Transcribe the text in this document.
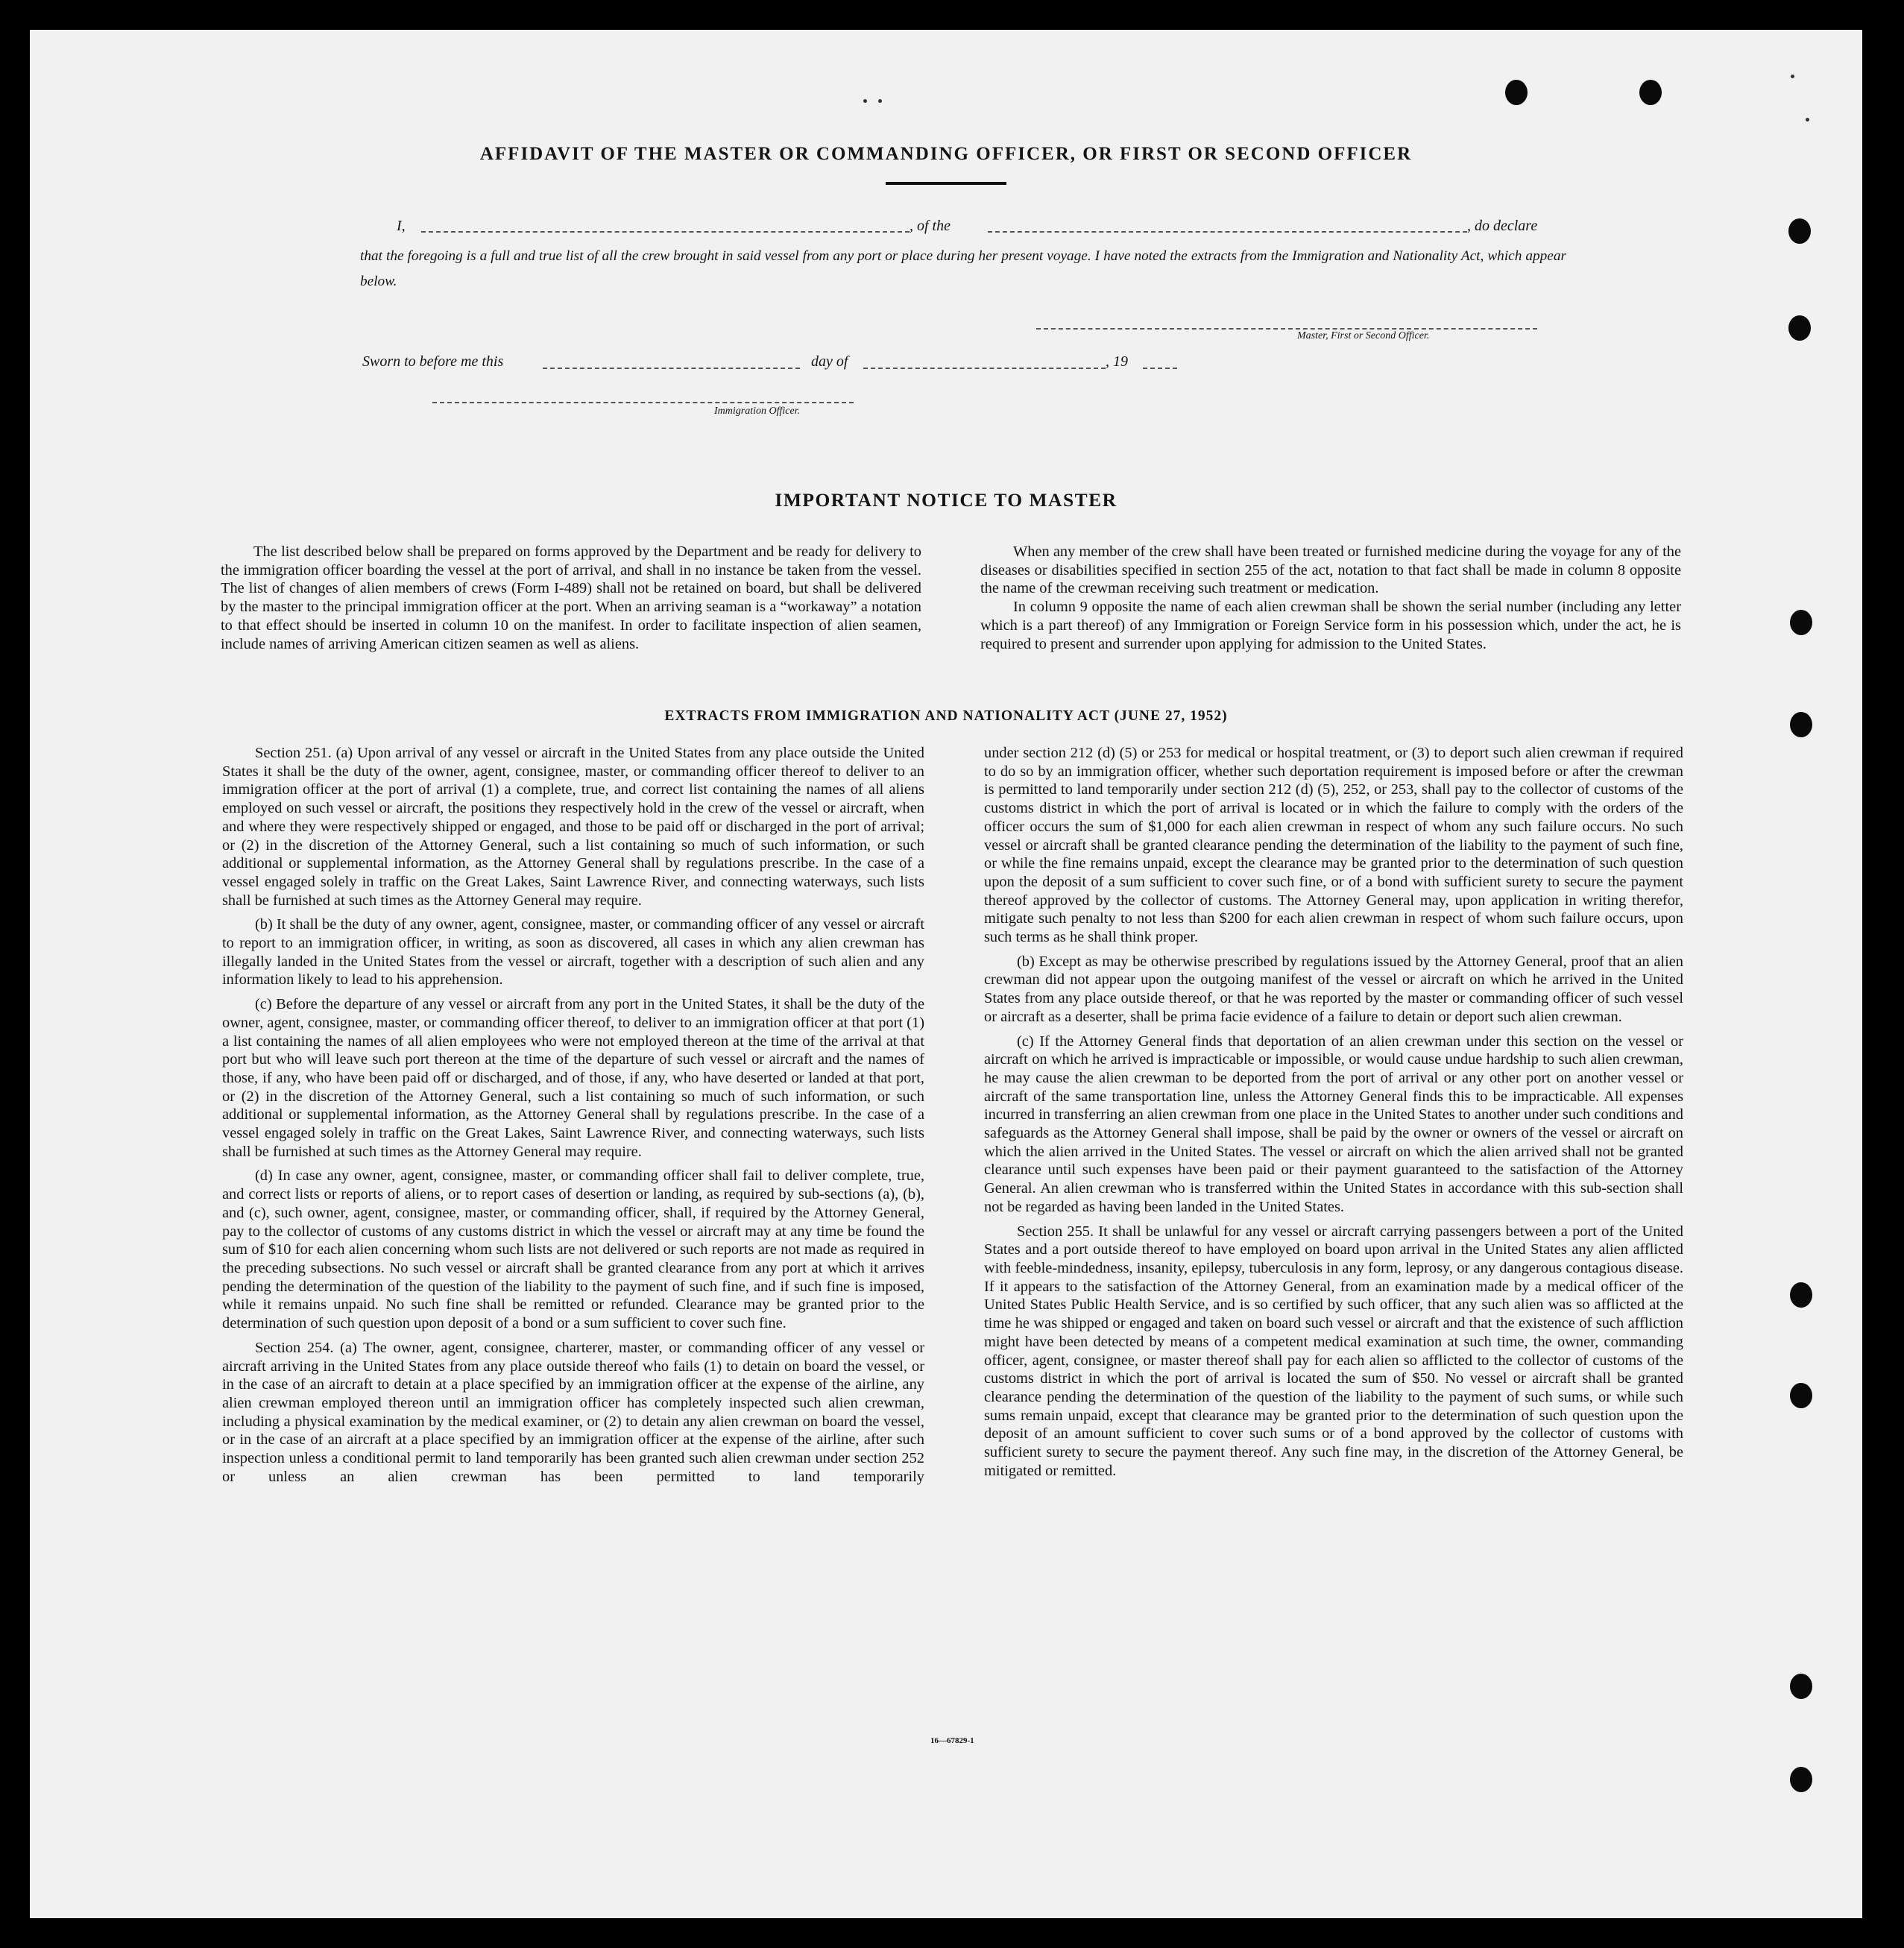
AFFIDAVIT OF THE MASTER OR COMMANDING OFFICER, OR FIRST OR SECOND OFFICER
I,	, of the	, do declare
that the foregoing is a full and true list of all the crew brought in said vessel from any port or place during her present voyage. I have noted the extracts from the Immigration and Nationality Act, which appear below.
Master, First or Second Officer.
Sworn to before me this	day of	, 19
Immigration Officer.
IMPORTANT NOTICE TO MASTER

The list described below shall be prepared on forms approved by the Department and be ready for delivery to the immigration officer boarding the vessel at the port of arrival, and shall in no instance be taken from the vessel. The list of changes of alien members of crews (Form I-489) shall not be retained on board, but shall be delivered by the master to the principal immigration officer at the port. When an arriving seaman is a “workaway” a notation to that effect should be inserted in column 10 on the manifest. In order to facilitate inspection of alien seamen, include names of arriving American citizen seamen as well as aliens.

When any member of the crew shall have been treated or furnished medicine during the voyage for any of the diseases or disabilities specified in section 255 of the act, notation to that fact shall be made in column 8 opposite the name of the crewman receiving such treatment or medication.

In column 9 opposite the name of each alien crewman shall be shown the serial number (including any letter which is a part thereof) of any Immigration or Foreign Service form in his possession which, under the act, he is required to present and surrender upon applying for admission to the United States.

EXTRACTS FROM IMMIGRATION AND NATIONALITY ACT (JUNE 27, 1952)

Section 251. (a) Upon arrival of any vessel or aircraft in the United States from any place outside the United States it shall be the duty of the owner, agent, consignee, master, or commanding officer thereof to deliver to an immigration officer at the port of arrival (1) a complete, true, and correct list containing the names of all aliens employed on such vessel or aircraft, the positions they respectively hold in the crew of the vessel or aircraft, when and where they were respectively shipped or engaged, and those to be paid off or discharged in the port of arrival; or (2) in the discretion of the Attorney General, such a list containing so much of such information, or such additional or supplemental information, as the Attorney General shall by regulations prescribe. In the case of a vessel engaged solely in traffic on the Great Lakes, Saint Lawrence River, and connecting waterways, such lists shall be furnished at such times as the Attorney General may require.

(b) It shall be the duty of any owner, agent, consignee, master, or commanding officer of any vessel or aircraft to report to an immigration officer, in writing, as soon as discovered, all cases in which any alien crewman has illegally landed in the United States from the vessel or aircraft, together with a description of such alien and any information likely to lead to his apprehension.

(c) Before the departure of any vessel or aircraft from any port in the United States, it shall be the duty of the owner, agent, consignee, master, or commanding officer thereof, to deliver to an immigration officer at that port (1) a list containing the names of all alien employees who were not employed thereon at the time of the arrival at that port but who will leave such port thereon at the time of the departure of such vessel or aircraft and the names of those, if any, who have been paid off or discharged, and of those, if any, who have deserted or landed at that port, or (2) in the discretion of the Attorney General, such a list containing so much of such information, or such additional or supplemental information, as the Attorney General shall by regulations prescribe. In the case of a vessel engaged solely in traffic on the Great Lakes, Saint Lawrence River, and connecting waterways, such lists shall be furnished at such times as the Attorney General may require.

(d) In case any owner, agent, consignee, master, or commanding officer shall fail to deliver complete, true, and correct lists or reports of aliens, or to report cases of desertion or landing, as required by sub-sections (a), (b), and (c), such owner, agent, consignee, master, or commanding officer, shall, if required by the Attorney General, pay to the collector of customs of any customs district in which the vessel or aircraft may at any time be found the sum of $10 for each alien concerning whom such lists are not delivered or such reports are not made as required in the preceding subsections. No such vessel or aircraft shall be granted clearance from any port at which it arrives pending the determination of the question of the liability to the payment of such fine, and if such fine is imposed, while it remains unpaid. No such fine shall be remitted or refunded. Clearance may be granted prior to the determination of such question upon deposit of a bond or a sum sufficient to cover such fine.

Section 254. (a) The owner, agent, consignee, charterer, master, or commanding officer of any vessel or aircraft arriving in the United States from any place outside thereof who fails (1) to detain on board the vessel, or in the case of an aircraft to detain at a place specified by an immigration officer at the expense of the airline, any alien crewman employed thereon until an immigration officer has completely inspected such alien crewman, including a physical examination by the medical examiner, or (2) to detain any alien crewman on board the vessel, or in the case of an aircraft at a place specified by an immigration officer at the expense of the airline, after such inspection unless a conditional permit to land temporarily has been granted such alien crewman under section 252 or unless an alien crewman has been permitted to land temporarily

under section 212 (d) (5) or 253 for medical or hospital treatment, or (3) to deport such alien crewman if required to do so by an immigration officer, whether such deportation requirement is imposed before or after the crewman is permitted to land temporarily under section 212 (d) (5), 252, or 253, shall pay to the collector of customs of the customs district in which the port of arrival is located or in which the failure to comply with the orders of the officer occurs the sum of $1,000 for each alien crewman in respect of whom any such failure occurs. No such vessel or aircraft shall be granted clearance pending the determination of the liability to the payment of such fine, or while the fine remains unpaid, except the clearance may be granted prior to the determination of such question upon the deposit of a sum sufficient to cover such fine, or of a bond with sufficient surety to secure the payment thereof approved by the collector of customs. The Attorney General may, upon application in writing therefor, mitigate such penalty to not less than $200 for each alien crewman in respect of whom such failure occurs, upon such terms as he shall think proper.

(b) Except as may be otherwise prescribed by regulations issued by the Attorney General, proof that an alien crewman did not appear upon the outgoing manifest of the vessel or aircraft on which he arrived in the United States from any place outside thereof, or that he was reported by the master or commanding officer of such vessel or aircraft as a deserter, shall be prima facie evidence of a failure to detain or deport such alien crewman.

(c) If the Attorney General finds that deportation of an alien crewman under this section on the vessel or aircraft on which he arrived is impracticable or impossible, or would cause undue hardship to such alien crewman, he may cause the alien crewman to be deported from the port of arrival or any other port on another vessel or aircraft of the same transportation line, unless the Attorney General finds this to be impracticable. All expenses incurred in transferring an alien crewman from one place in the United States to another under such conditions and safeguards as the Attorney General shall impose, shall be paid by the owner or owners of the vessel or aircraft on which the alien arrived in the United States. The vessel or aircraft on which the alien arrived shall not be granted clearance until such expenses have been paid or their payment guaranteed to the satisfaction of the Attorney General. An alien crewman who is transferred within the United States in accordance with this sub-section shall not be regarded as having been landed in the United States.

Section 255. It shall be unlawful for any vessel or aircraft carrying passengers between a port of the United States and a port outside thereof to have employed on board upon arrival in the United States any alien afflicted with feeble-mindedness, insanity, epilepsy, tuberculosis in any form, leprosy, or any dangerous contagious disease. If it appears to the satisfaction of the Attorney General, from an examination made by a medical officer of the United States Public Health Service, and is so certified by such officer, that any such alien was so afflicted at the time he was shipped or engaged and taken on board such vessel or aircraft and that the existence of such affliction might have been detected by means of a competent medical examination at such time, the owner, commanding officer, agent, consignee, or master thereof shall pay for each alien so afflicted to the collector of customs of the customs district in which the port of arrival is located the sum of $50. No vessel or aircraft shall be granted clearance pending the determination of the question of the liability to the payment of such sums, or while such sums remain unpaid, except that clearance may be granted prior to the determination of such question upon the deposit of an amount sufficient to cover such sums or of a bond approved by the collector of customs with sufficient surety to secure the payment thereof. Any such fine may, in the discretion of the Attorney General, be mitigated or remitted.

16—67829-1
